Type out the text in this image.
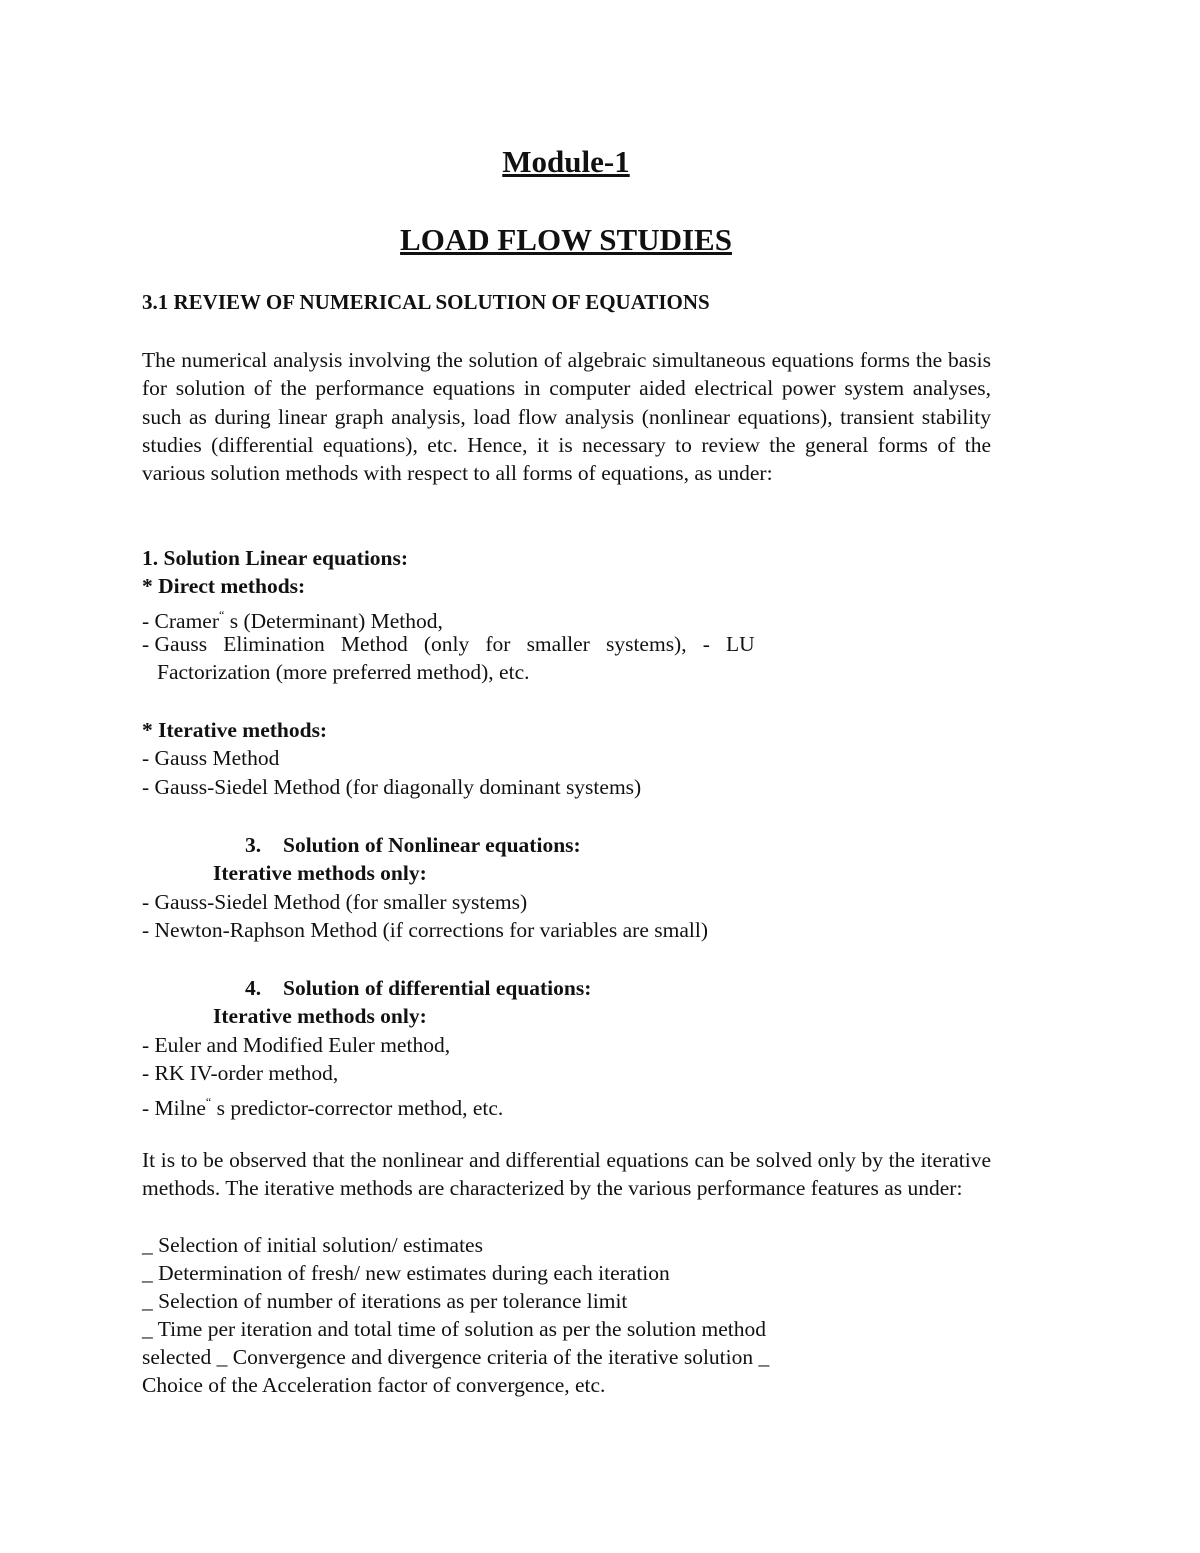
Module-1
LOAD FLOW STUDIES
3.1 REVIEW OF NUMERICAL SOLUTION OF EQUATIONS

The numerical analysis involving the solution of algebraic simultaneous equations forms the basis for solution of the performance equations in computer aided electrical power system analyses, such as during linear graph analysis, load flow analysis (nonlinear equations), transient stability studies (differential equations), etc. Hence, it is necessary to review the general forms of the various solution methods with respect to all forms of equations, as under:

1. Solution Linear equations:
* Direct methods:
- Cramer“ s (Determinant) Method,
- Gauss   Elimination   Method   (only   for   smaller   systems),   -   LU
Factorization (more preferred method), etc.
* Iterative methods:
- Gauss Method
- Gauss-Siedel Method (for diagonally dominant systems)
3. Solution of Nonlinear equations:
Iterative methods only:
- Gauss-Siedel Method (for smaller systems)
- Newton-Raphson Method (if corrections for variables are small)
4. Solution of differential equations:
Iterative methods only:
- Euler and Modified Euler method,
- RK IV-order method,
- Milne“ s predictor-corrector method, etc.

It is to be observed that the nonlinear and differential equations can be solved only by the iterative methods. The iterative methods are characterized by the various performance features as under:

_ Selection of initial solution/ estimates
_ Determination of fresh/ new estimates during each iteration
_ Selection of number of iterations as per tolerance limit
_ Time per iteration and total time of solution as per the solution method
selected _ Convergence and divergence criteria of the iterative solution _
Choice of the Acceleration factor of convergence, etc.
